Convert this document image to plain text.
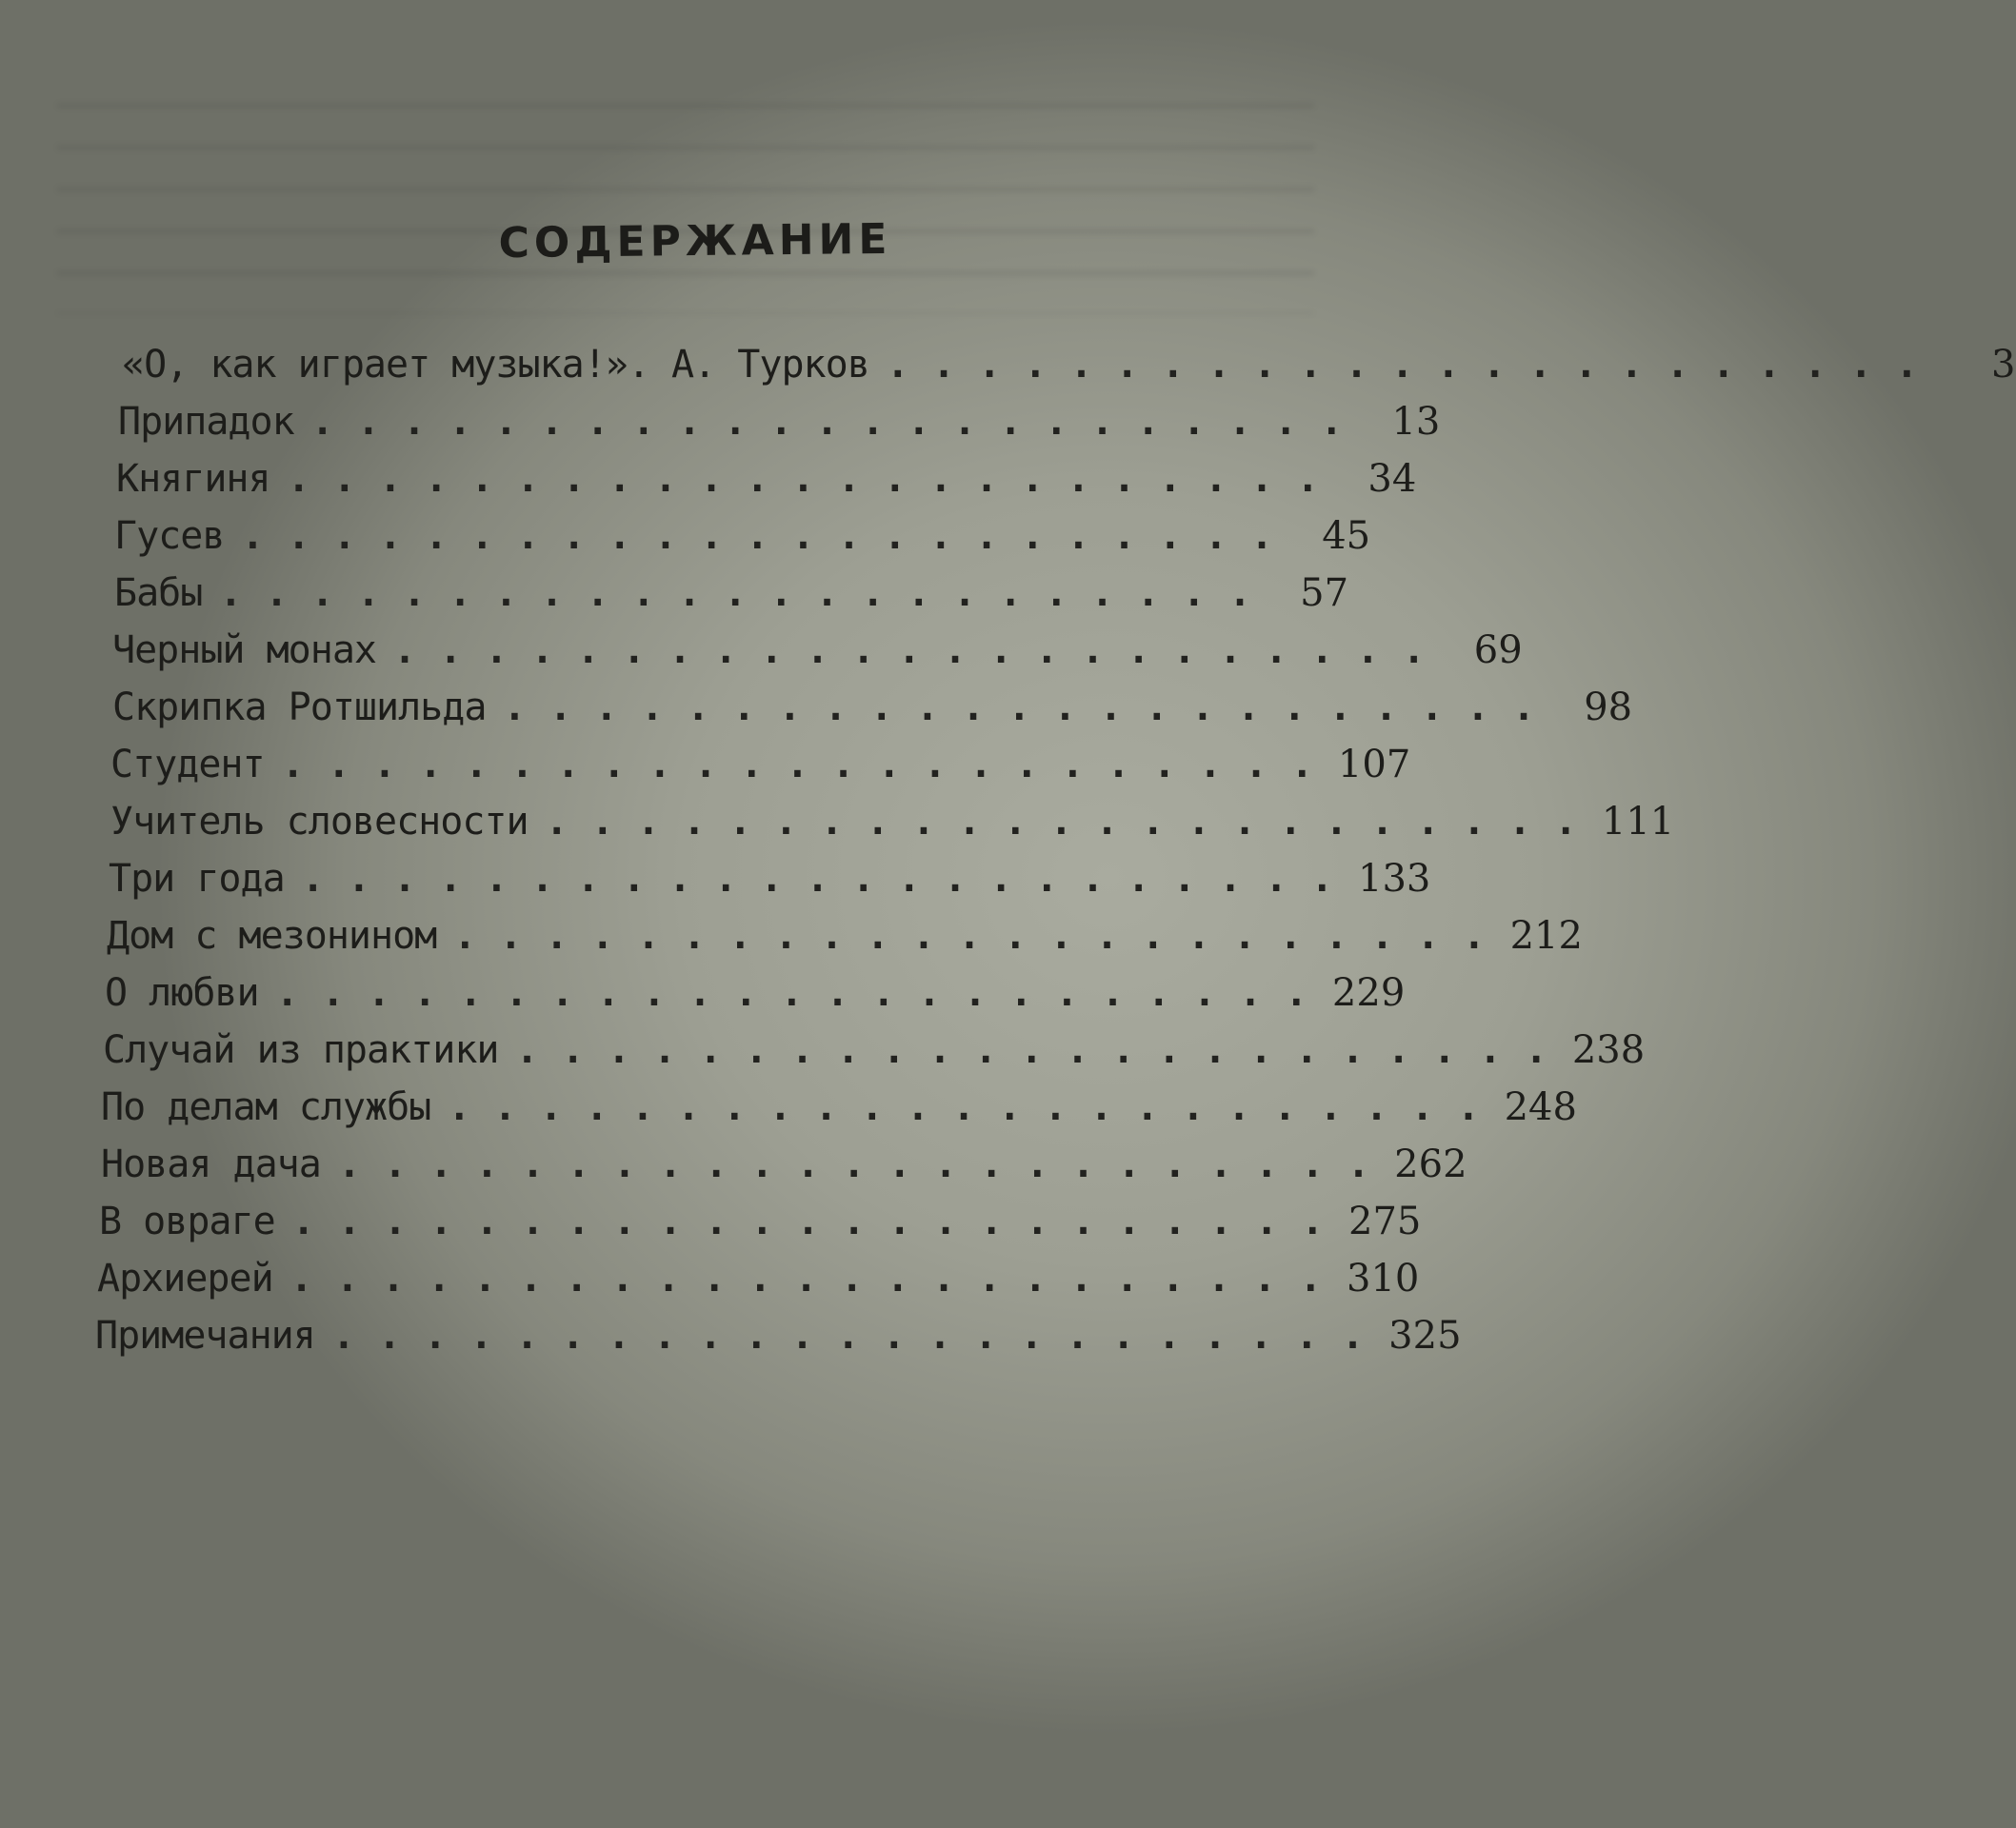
СОДЕРЖАНИЕ
«О, как играет музыка!». А. Турков . . . . . . . . . . . . . . . . . . . . . . .	3
Припадок . . . . . . . . . . . . . . . . . . . . . . .	13
Княгиня . . . . . . . . . . . . . . . . . . . . . . .	34
Гусев . . . . . . . . . . . . . . . . . . . . . . .	45
Бабы . . . . . . . . . . . . . . . . . . . . . . .	57
Черный монах . . . . . . . . . . . . . . . . . . . . . . .	69
Скрипка Ротшильда . . . . . . . . . . . . . . . . . . . . . . .	98
Студент . . . . . . . . . . . . . . . . . . . . . . . 107
Учитель словесности . . . . . . . . . . . . . . . . . . . . . . . 111
Три года . . . . . . . . . . . . . . . . . . . . . . . 133
Дом с мезонином . . . . . . . . . . . . . . . . . . . . . . . 212
О любви . . . . . . . . . . . . . . . . . . . . . . . 229
Случай из практики . . . . . . . . . . . . . . . . . . . . . . . 238
По делам службы . . . . . . . . . . . . . . . . . . . . . . . 248
Новая дача . . . . . . . . . . . . . . . . . . . . . . . 262
В овраге . . . . . . . . . . . . . . . . . . . . . . . 275
Архиерей . . . . . . . . . . . . . . . . . . . . . . . 310
Примечания . . . . . . . . . . . . . . . . . . . . . . . 325
